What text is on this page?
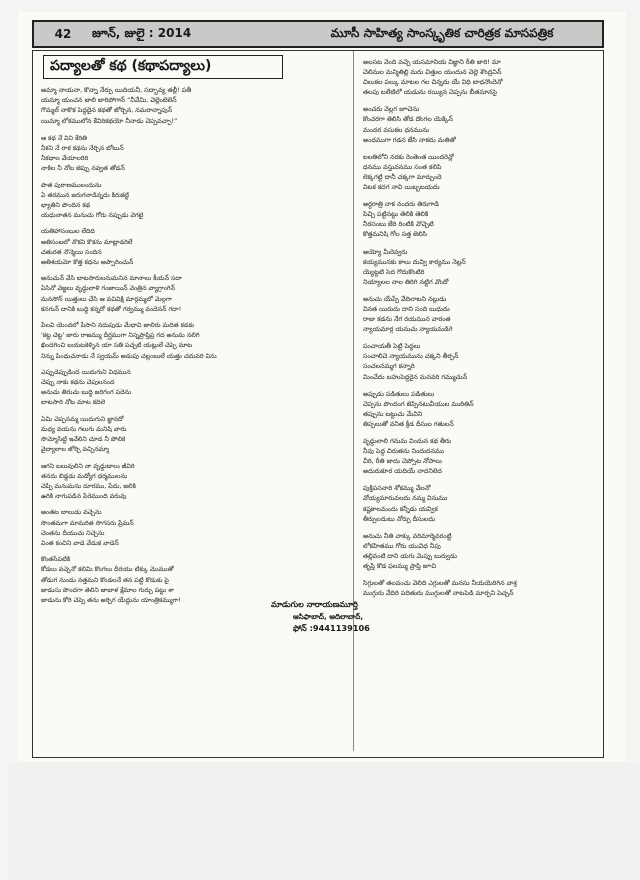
42	జూన్, జులై : 2014	మూసీ సాహిత్య సాంస్కృతిక చారిత్రక మాసపత్రిక
పద్యాలతో కథ (కథాపద్యాలు)
అమ్మా నాయనా, కొన్నా నేర్పు యిదియనీ, సద్భావ్య తల్లీ! పతీ
యమ్మా యంచన జాలి జారిపోగాన్ “నీవేమి, చెల్లెంబెలెన్
గొమ్మల్ నాకొక పెద్దదైన కథతో జోర్చిన, నమరాన్నాపున్
యిమ్మా లోకములోన కేవిరికథయో నీనాడు చెప్పవచ్చా!”
ఆ కథ నే విని కేరితి
నీకని నే రాక కథను నేర్చిన బోటున్
నీకధాల వేయాలరిరి
నాకిల నీ నోట జెప్పు నవ్వత తోడన్
పాత పురాణములందును
ఏ తరమున జరుగనాడిన్నదు కిరుకట్టి
భ్యాతిని పొందిన కథ
యధునాతన మనుచు గోరు నప్పుడు వెగటై
యతిహాసంబుల లేదిది
అతిసంబలో నొకని కొకను మాట్లాడరిలే
చతురత నొన్మెయి సందిన
అతిశయమో కొత్త కధను అప్పారించున్
అనుచున్ వేసి బాటసారులనుమనిన మానాలు కీయన్ సదా
ఏసినో వెజ్జలు వృద్ధులాళి గంజాయిన్ వెంత్రిన వ్యాగ్రాంగిన్
మనసోన్ యిత్తులు చేసి ఆ వచివిక్షి మార్గమ్మలో మెల్గగా
కనగున్ దానికి బుద్ధి కన్నరో కథతో గర్వమ్ము వందెనన్ గదా!
పేలవి యెందలో పేసాని నదుపుడు మేధావి జాలిరు మదిత కడకు
'కట్ట చెట్ట' జారు రాజమ్ము దీర్ఘముగా నిస్నప్రాప్తిప్ర గద అనుమ నలిగి
ఖిందగించి బయటకెళ్ళిన యా సతి పచ్చటి యట్లులే చెప్పె మాట
నిన్ను పింధుచనాడు నే స్వయమ్ అడుపు చల్లంబులే యత్తు చదువరి విను
ఎప్పుడెప్పుడింద యిదుగుని విధమున
చెప్పు నాకు కథను చెపులనంద
అనుచు తిరుచు బుద్ధి జరిగంగ పదెను
బాటసారి నోట మాట కదిలె
ఏమి చెప్పనమ్మ యిదుగుని జ్ఞానదో
మధ్య వయను గలుగు మనిషి వారు
సొమ్మోసిట్టి ఇవేలిని చూడ నీ పోలికె
వైద్యాలాల జోర్చి వచ్చినమ్మా
ఆగని బలువులిని నా వృద్ధుడాలు జీవిరి
తనదు బిడ్డడు మద్యోగ ధర్మములను
చెప్పి మనుమను దూరము, పేదు, జలికి
ఉరికి నాగుపడిన పేరెముంది వరువు
అంతట బాలుడు వచ్చెను
సొంతమగా మామరిత సొగసరు ప్రేమన్
చెంతను దీయుచు నిచ్చెను
వింత కంచిని వాడె వేడుక వాడెన్
కొంతసేపటికి
కోడలు వచ్చెనో కలిమి కొంగలు దీరయు టిక్కు మొముతో
తోడుగ నుండు నత్తమని కొండలనే తన పట్టి కొడుకు పై
జాడుసు పొందగా తెలిని జాబాళ క్షేమాల గుర్చు పట్టు శా
జాడును కోరి చెప్పె తను అర్చిగ యేద్దును యాంత్రికమ్ముగా!
అలసట వెంది వచ్చె యసమానియ విజ్ఞాని రీతి జారి! మా
చెలిమల మన్మితిల్లి మరు చిత్తుల యందున చెల్లె శౌంద్రవిన్
చిలుకల పల్కు మాటల గల చిన్నదు యే విధి బాధనొందెనో
తలపు బలేటిలో యడును రయ్యిన చెప్పను బీతమానసై
అంచరు వెల్లగ జూచెను
కొంచరగా తెలిసి తోడ దొంగల యెక్కిన్
మందర వసుకల ధనమును
అందముగా గడన జేసి నాకదు మతితో
ఐలతిలోని నరకు రెంతెంత యిందరెన్లో
ధనము వస్తువనము సంత కలిపి
లెక్కగట్టి దానీ చక్కగా మార్చుందె
విటక కదగ నావి యిబ్బబయదు
అర్ధరాత్రి నాక నందరు తిరుగాడి
పిచ్చి పట్టినట్టు తెలికి తెలికి
నీరసంబు జేరి రింటికి వొచ్చెటి
కొత్తమనిషి గోల సత్త జెలిసి
అయ్యో మీరెవ్వరు
కయ్యమునకు కాలు దువ్వి కార్యము నెల్లన్
య్యెట్టటి సెద గొదుకొంటిరి
నియ్యాలల నాల తిరిగి నట్టిగ వొందో
అనుచు యేప్పే వేదిలాబని నల్లుడు
వినత యిరుదు దాని సంది బుధుదు
రాజు కడను నేగ రయమున వారంత
న్యాయమార్గ యనుచు న్యాయమడిగె
పంచాయతీ పెట్టి పెద్దలు
సంచాలిచె న్యాయమును చక్కని తీర్పన్
సంచలనమ్మగ కన్నారి
మించేదు బహుపెద్దరైన మనవరి గమ్ముచున్
అప్పుడు పడితులు పడితులు
చెప్పను పొందంగ జెప్పినటువీయుల మురితిన్
తప్పును బట్టుచు మేవిని
తిప్పలుతో వనిత క్రీడ దీసుల గతులన్
వృద్ధులాలి గనుమ విందున కథ తీరు
నీవు పెద్ద చిరుతను నిందుదనము
చీరి, రీతి జాదు చెప్పోట నోపాలు
అదురుకూర యదియే నాదనిలెద
పుక్తిపసనారి శోకమ్ము వేలనో
వోయ్యమారువలదు నమ్మ వినుము
కష్టకాలమందు కన్నీడు యవ్విక
తీర్పులదుటు నోర్పు దీసులదు
అనుచు నీతి వాక్కు వరిమార్మెవరంట్టి
లోకహితము గోరు యువిధ నీపు
తల్లివంటి దాని యగు మెప్పు బుర్వుడు
తృప్తి కొడ ఫలమ్ము ప్రాప్తి జూచి
సిగ్గులతో తలవంచు వెలిది ఎగ్గులతో మనసు నీయయెరిగిన వాశ్ర
ముగ్గురు వేదిరి పదితురు ముగ్గులతో నాటపెడి మార్పని పెచ్చన్
మాడుగుల నారాయణమూర్తి
ఆసిఫాబాద్, ఆదిలాబాద్,
ఫోన్ :9441139106
